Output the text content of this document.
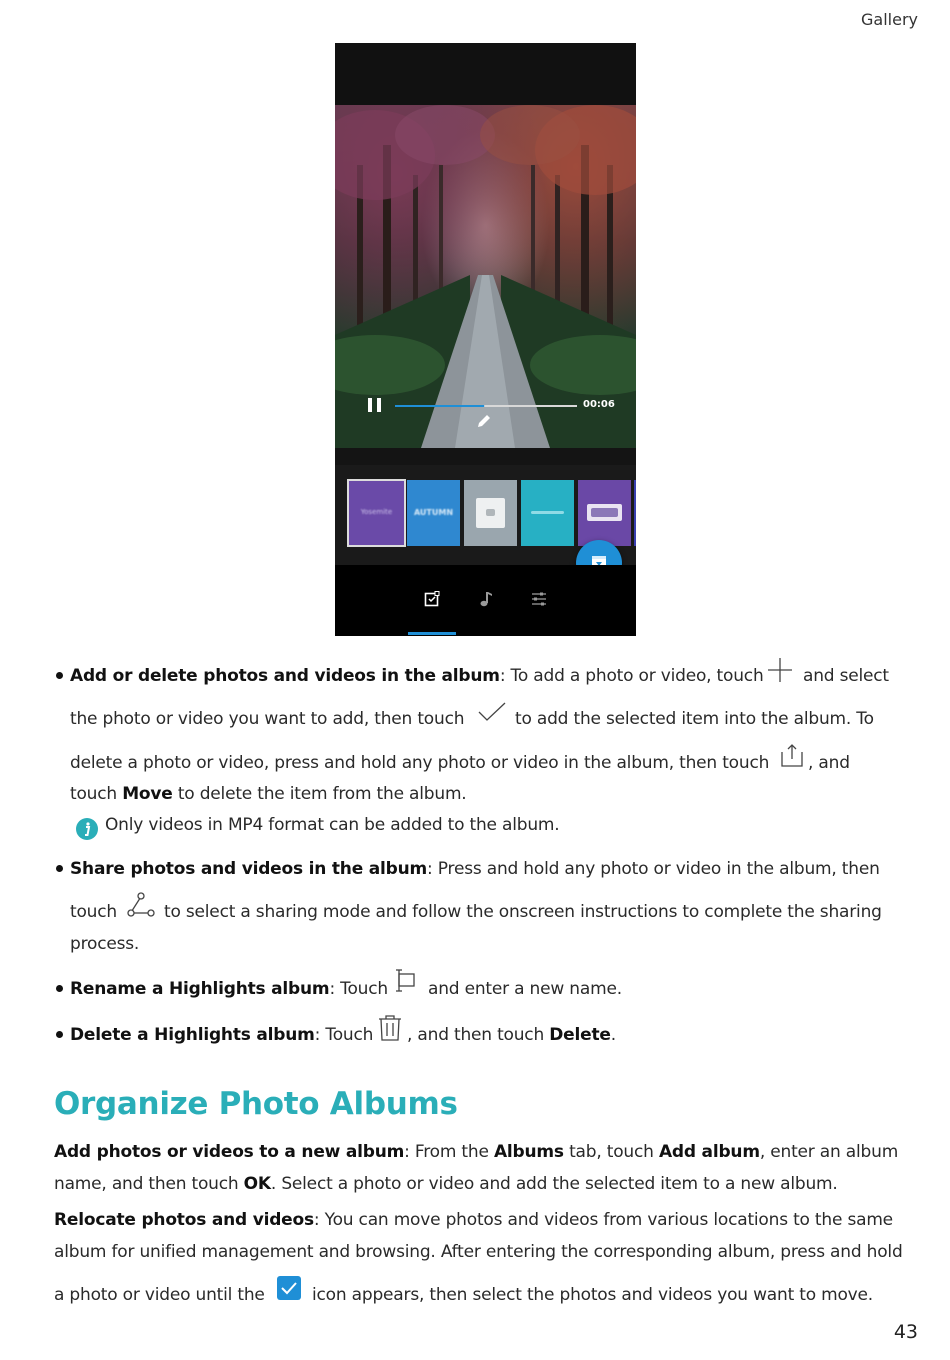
Gallery
43
00:06
Yosemite	AUTUMN
Add or delete photos and videos in the album: To add a photo or video, touch and select
the photo or video you want to add, then touch	to add the selected item into the album. To
delete a photo or video, press and hold any photo or video in the album, then touch , and
touch Move to delete the item from the album.
Only videos in MP4 format can be added to the album.
Share photos and videos in the album: Press and hold any photo or video in the album, then
touch	to select a sharing mode and follow the onscreen instructions to complete the sharing
process.
Rename a Highlights album: Touch and enter a new name.
Delete a Highlights album: Touch , and then touch Delete.
Organize Photo Albums
Add photos or videos to a new album: From the Albums tab, touch Add album, enter an album
name, and then touch OK. Select a photo or video and add the selected item to a new album.
Relocate photos and videos: You can move photos and videos from various locations to the same
album for unified management and browsing. After entering the corresponding album, press and hold
a photo or video until the	icon appears, then select the photos and videos you want to move.
